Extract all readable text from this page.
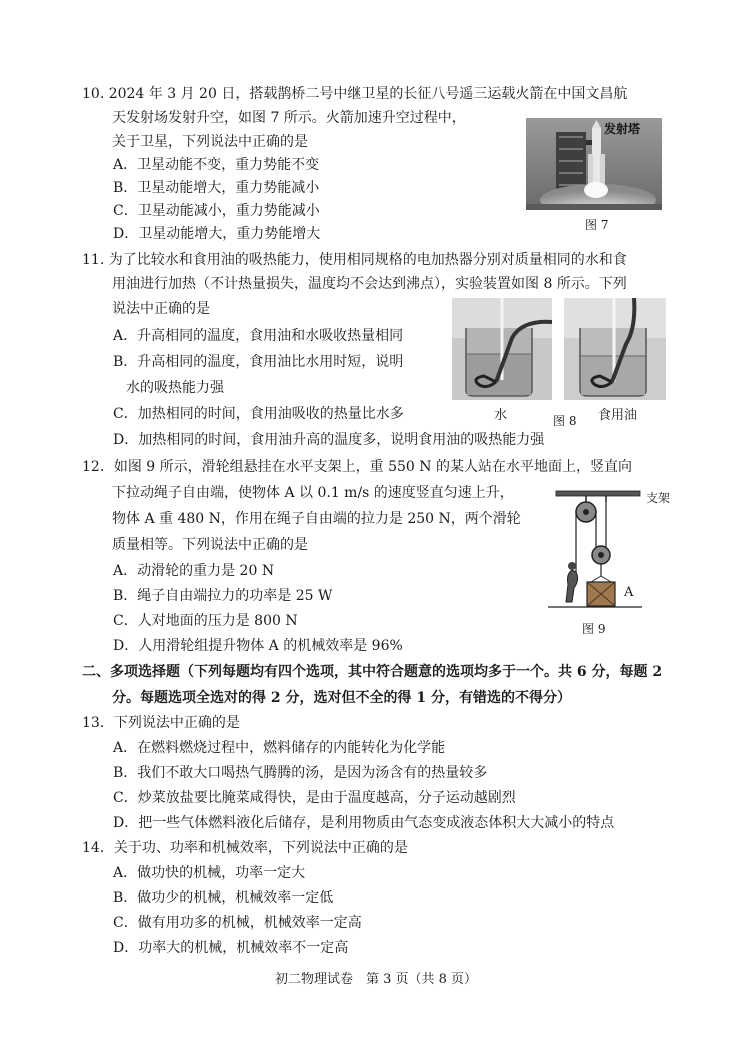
10. 2024 年 3 月 20 日，搭载鹊桥二号中继卫星的长征八号遥三运载火箭在中国文昌航
天发射场发射升空，如图 7 所示。火箭加速升空过程中，
关于卫星，下列说法中正确的是
A．卫星动能不变，重力势能不变
B．卫星动能增大，重力势能减小
C．卫星动能减小，重力势能减小
D．卫星动能增大，重力势能增大
发射塔
图 7
11. 为了比较水和食用油的吸热能力，使用相同规格的电加热器分别对质量相同的水和食
用油进行加热（不计热量损失，温度均不会达到沸点），实验装置如图 8 所示。下列
说法中正确的是
A．升高相同的温度，食用油和水吸收热量相同
B．升高相同的温度，食用油比水用时短，说明
水的吸热能力强
C．加热相同的时间，食用油吸收的热量比水多
D．加热相同的时间，食用油升高的温度多，说明食用油的吸热能力强
水	图 8 食用油
12．如图 9 所示，滑轮组悬挂在水平支架上，重 550 N 的某人站在水平地面上，竖直向
下拉动绳子自由端，使物体 A 以 0.1 m/s 的速度竖直匀速上升，
物体 A 重 480 N，作用在绳子自由端的拉力是 250 N，两个滑轮
质量相等。下列说法中正确的是
A．动滑轮的重力是 20 N
B．绳子自由端拉力的功率是 25 W
C．人对地面的压力是 800 N
D．人用滑轮组提升物体 A 的机械效率是 96%
支架
A
图 9
二、多项选择题（下列每题均有四个选项，其中符合题意的选项均多于一个。共 6 分，每题 2
分。每题选项全选对的得 2 分，选对但不全的得 1 分，有错选的不得分）
13．下列说法中正确的是
A．在燃料燃烧过程中，燃料储存的内能转化为化学能
B．我们不敢大口喝热气腾腾的汤，是因为汤含有的热量较多
C．炒菜放盐要比腌菜咸得快，是由于温度越高，分子运动越剧烈
D．把一些气体燃料液化后储存，是利用物质由气态变成液态体积大大减小的特点
14．关于功、功率和机械效率，下列说法中正确的是
A．做功快的机械，功率一定大
B．做功少的机械，机械效率一定低
C．做有用功多的机械，机械效率一定高
D．功率大的机械，机械效率不一定高
初二物理试卷　第 3 页（共 8 页）
